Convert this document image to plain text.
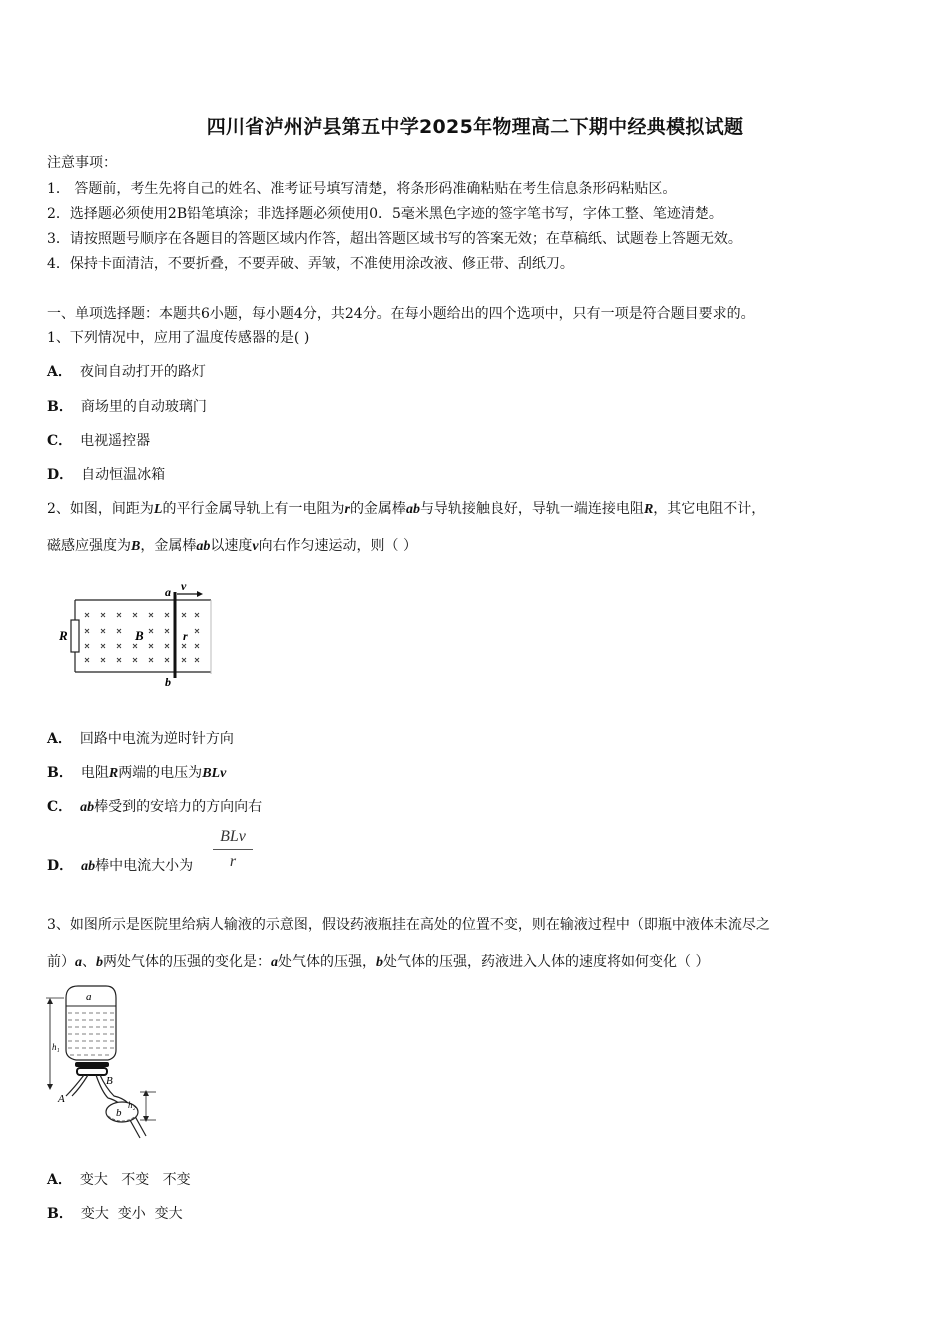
四川省泸州泸县第五中学2025年物理高二下期中经典模拟试题
注意事项：
1． 答题前，考生先将自己的姓名、准考证号填写清楚，将条形码准确粘贴在考生信息条形码粘贴区。
2．选择题必须使用2B铅笔填涂；非选择题必须使用0．5毫米黑色字迹的签字笔书写，字体工整、笔迹清楚。
3．请按照题号顺序在各题目的答题区域内作答，超出答题区域书写的答案无效；在草稿纸、试题卷上答题无效。
4．保持卡面清洁，不要折叠，不要弄破、弄皱，不准使用涂改液、修正带、刮纸刀。
一、单项选择题：本题共6小题，每小题4分，共24分。在每小题给出的四个选项中，只有一项是符合题目要求的。
1、下列情况中，应用了温度传感器的是( )
A． 夜间自动打开的路灯
B． 商场里的自动玻璃门
C． 电视遥控器
D． 自动恒温冰箱
2、如图，间距为L的平行金属导轨上有一电阻为r的金属棒ab与导轨接触良好，导轨一端连接电阻R，其它电阻不计，
磁感应强度为B，金属棒ab以速度v向右作匀速运动，则（ ）
R	B	r
a
b
v
A． 回路中电流为逆时针方向
B． 电阻R两端的电压为BLv
C． ab棒受到的安培力的方向向右
D． ab棒中电流大小为
BLv
r
3、如图所示是医院里给病人输液的示意图，假设药液瓶挂在高处的位置不变，则在输液过程中（即瓶中液体未流尽之
前）a、b两处气体的压强的变化是：a处气体的压强，b处气体的压强，药液进入人体的速度将如何变化（ ）
a
h₁
A
B
b
h₂
A． 变大   不变   不变
B． 变大  变小  变大
